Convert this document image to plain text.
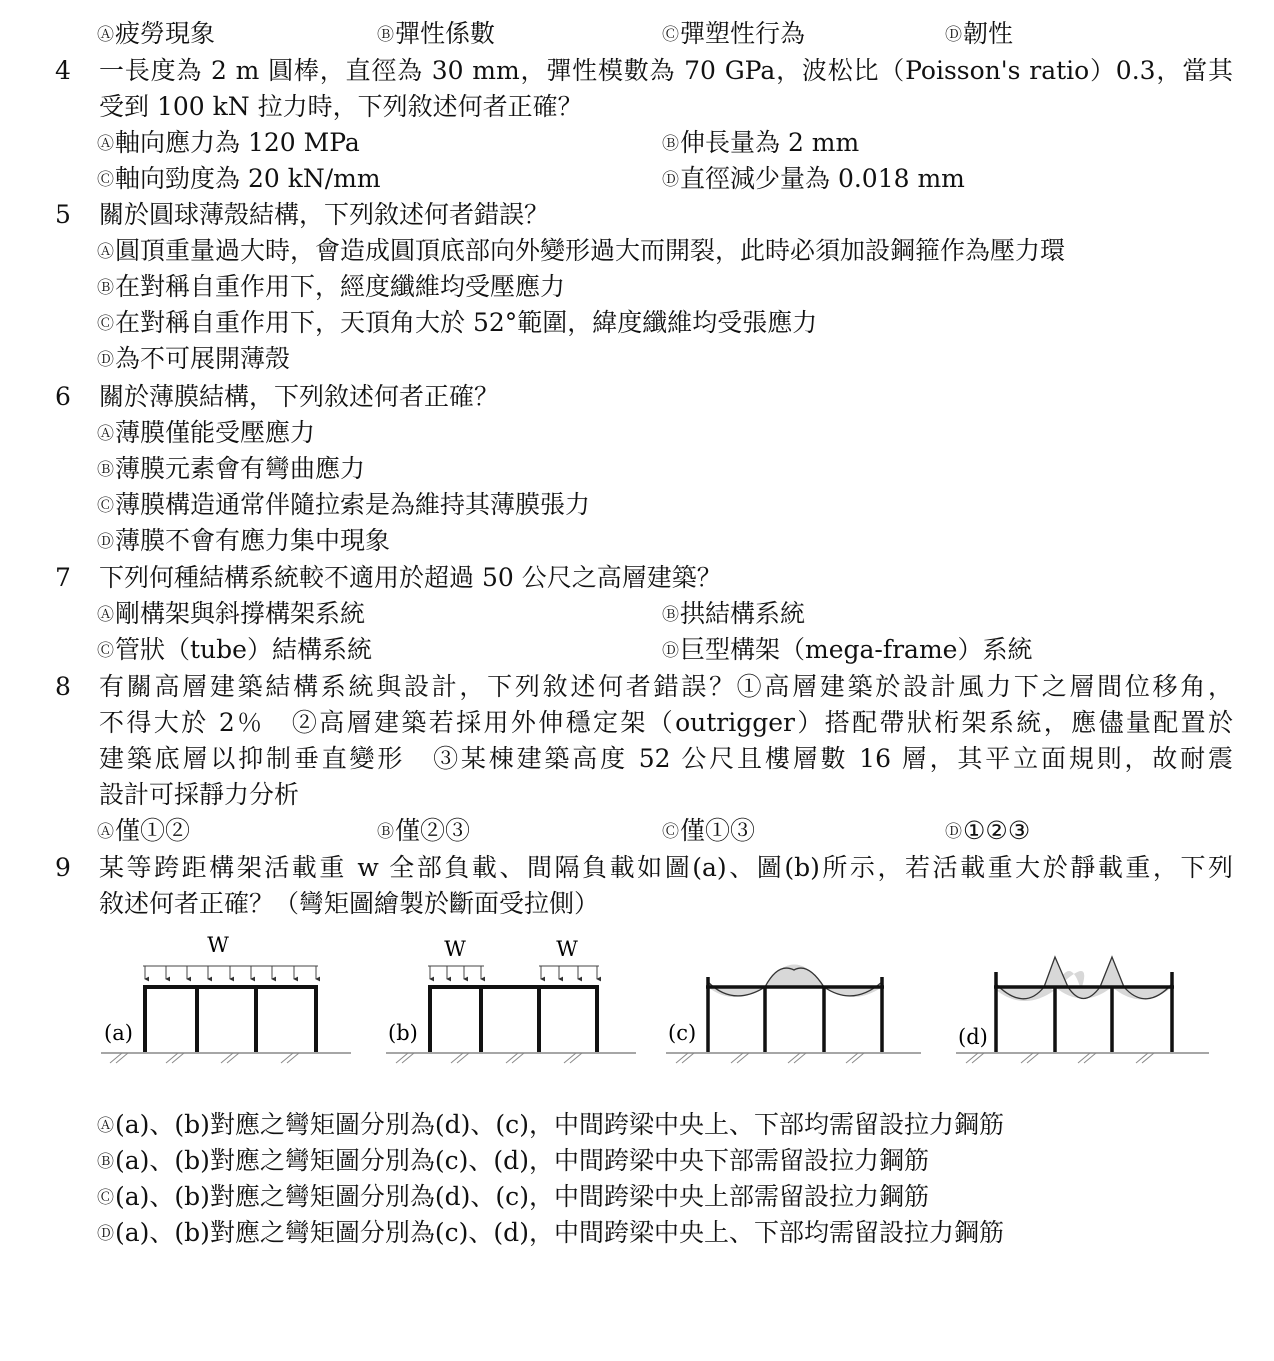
Ⓐ疲勞現象	Ⓑ彈性係數	Ⓒ彈塑性行為	Ⓓ韌性
4	一長度為 2 m 圓棒，直徑為 30 mm，彈性模數為 70 GPa，波松比（Poisson's ratio）0.3，當其
受到 100 kN 拉力時，下列敘述何者正確？
Ⓐ軸向應力為 120 MPa	Ⓑ伸長量為 2 mm
Ⓒ軸向勁度為 20 kN/mm	Ⓓ直徑減少量為 0.018 mm
5	關於圓球薄殼結構，下列敘述何者錯誤？
Ⓐ圓頂重量過大時，會造成圓頂底部向外變形過大而開裂，此時必須加設鋼箍作為壓力環
Ⓑ在對稱自重作用下，經度纖維均受壓應力
Ⓒ在對稱自重作用下，天頂角大於 52°範圍，緯度纖維均受張應力
Ⓓ為不可展開薄殼
6	關於薄膜結構，下列敘述何者正確？
Ⓐ薄膜僅能受壓應力
Ⓑ薄膜元素會有彎曲應力
Ⓒ薄膜構造通常伴隨拉索是為維持其薄膜張力
Ⓓ薄膜不會有應力集中現象
7	下列何種結構系統較不適用於超過 50 公尺之高層建築？
Ⓐ剛構架與斜撐構架系統	Ⓑ拱結構系統
Ⓒ管狀（tube）結構系統	Ⓓ巨型構架（mega-frame）系統
8	有關高層建築結構系統與設計，下列敘述何者錯誤？①高層建築於設計風力下之層間位移角，
不得大於 2％　②高層建築若採用外伸穩定架（outrigger）搭配帶狀桁架系統，應儘量配置於
建築底層以抑制垂直變形　③某棟建築高度 52 公尺且樓層數 16 層，其平立面規則，故耐震
設計可採靜力分析
Ⓐ僅①②	Ⓑ僅②③	Ⓒ僅①③	Ⓓ①②③
9	某等跨距構架活載重 w 全部負載、間隔負載如圖(a)、圖(b)所示，若活載重大於靜載重，下列
敘述何者正確？（彎矩圖繪製於斷面受拉側）
W
(a)
W	W
(b)	(c)	(d)
Ⓐ(a)、(b)對應之彎矩圖分別為(d)、(c)，中間跨梁中央上、下部均需留設拉力鋼筋
Ⓑ(a)、(b)對應之彎矩圖分別為(c)、(d)，中間跨梁中央下部需留設拉力鋼筋
Ⓒ(a)、(b)對應之彎矩圖分別為(d)、(c)，中間跨梁中央上部需留設拉力鋼筋
Ⓓ(a)、(b)對應之彎矩圖分別為(c)、(d)，中間跨梁中央上、下部均需留設拉力鋼筋
